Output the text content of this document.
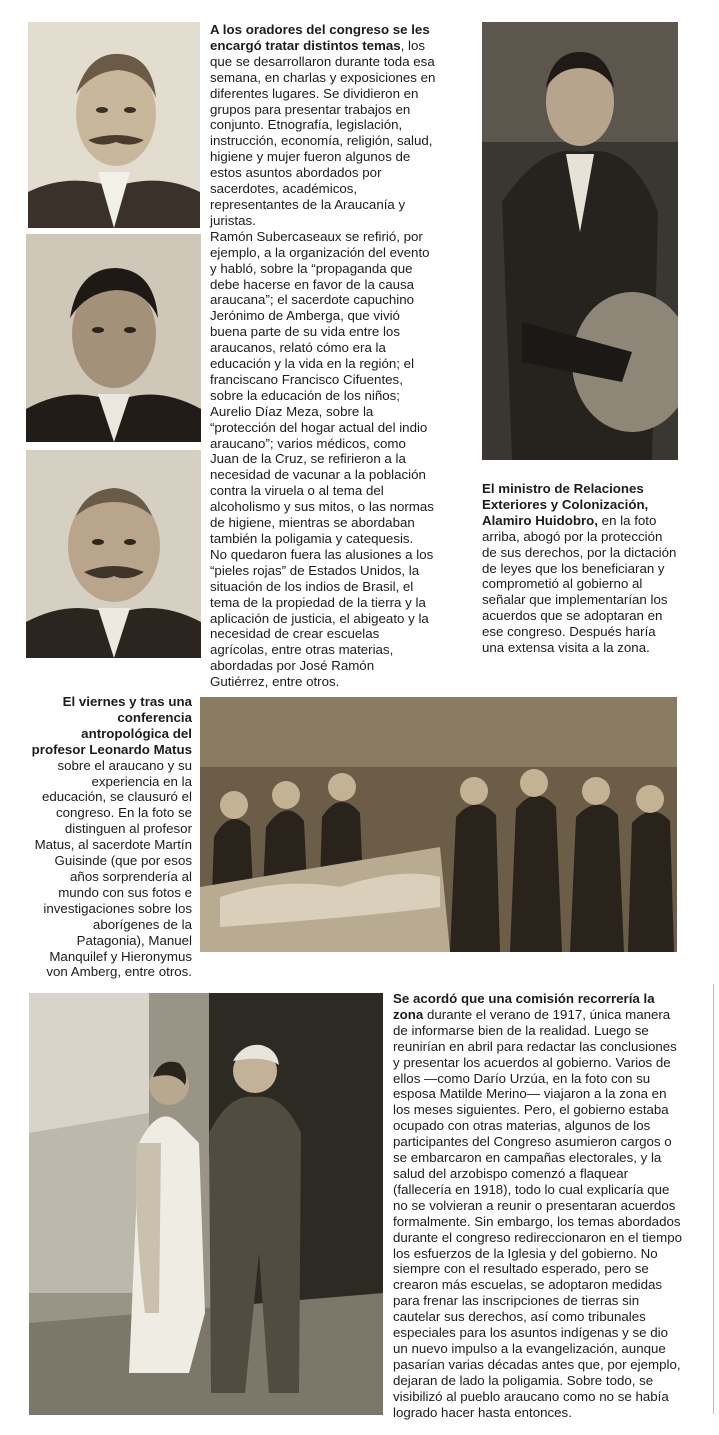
A los oradores del congreso se les encargó tratar distintos temas, los que se desarrollaron durante toda esa semana, en charlas y exposiciones en diferentes lugares. Se dividieron en grupos para presentar trabajos en conjunto. Etnografía, legislación, instrucción, economía, religión, salud, higiene y mujer fueron algunos de estos asuntos abordados por sacerdotes, académicos, representantes de la Araucanía y juristas.
Ramón Subercaseaux se refirió, por ejemplo, a la organización del evento y habló, sobre la “propaganda que debe hacerse en favor de la causa araucana”; el sacerdote capuchino Jerónimo de Amberga, que vivió buena parte de su vida entre los araucanos, relató cómo era la educación y la vida en la región; el franciscano Francisco Cifuentes, sobre la educación de los niños; Aurelio Díaz Meza, sobre la “protección del hogar actual del indio araucano”; varios médicos, como Juan de la Cruz, se refirieron a la necesidad de vacunar a la población contra la viruela o al tema del alcoholismo y sus mitos, o las normas de higiene, mientras se abordaban también la poligamia y catequesis.
No quedaron fuera las alusiones a los “pieles rojas” de Estados Unidos, la situación de los indios de Brasil, el tema de la propiedad de la tierra y la aplicación de justicia, el abigeato y la necesidad de crear escuelas agrícolas, entre otras materias, abordadas por José Ramón Gutiérrez, entre otros.
El ministro de Relaciones Exteriores y Colonización, Alamiro Huidobro, en la foto arriba, abogó por la protección de sus derechos, por la dictación de leyes que los beneficiaran y comprometió al gobierno al señalar que implementarían los acuerdos que se adoptaran en ese congreso. Después haría una extensa visita a la zona.
El viernes y tras una conferencia antropológica del profesor Leonardo Matus sobre el araucano y su experiencia en la educación, se clausuró el congreso. En la foto se distinguen al profesor Matus, al sacerdote Martín Guisinde (que por esos años sorprendería al mundo con sus fotos e investigaciones sobre los aborígenes de la Patagonia), Manuel Manquilef y Hieronymus von Amberg, entre otros.
Se acordó que una comisión recorrería la zona durante el verano de 1917, única manera de informarse bien de la realidad. Luego se reunirían en abril para redactar las conclusiones y presentar los acuerdos al gobierno. Varios de ellos —como Darío Urzúa, en la foto con su esposa Matilde Merino— viajaron a la zona en los meses siguientes. Pero, el gobierno estaba ocupado con otras materias, algunos de los participantes del Congreso asumieron cargos o se embarcaron en campañas electorales, y la salud del arzobispo comenzó a flaquear (fallecería en 1918), todo lo cual explicaría que no se volvieran a reunir o presentaran acuerdos formalmente. Sin embargo, los temas abordados durante el congreso redireccionaron en el tiempo los esfuerzos de la Iglesia y del gobierno. No siempre con el resultado esperado, pero se crearon más escuelas, se adoptaron medidas para frenar las inscripciones de tierras sin cautelar sus derechos, así como tribunales especiales para los asuntos indígenas y se dio un nuevo impulso a la evangelización, aunque pasarían varias décadas antes que, por ejemplo, dejaran de lado la poligamia. Sobre todo, se visibilizó al pueblo araucano como no se había logrado hacer hasta entonces.
